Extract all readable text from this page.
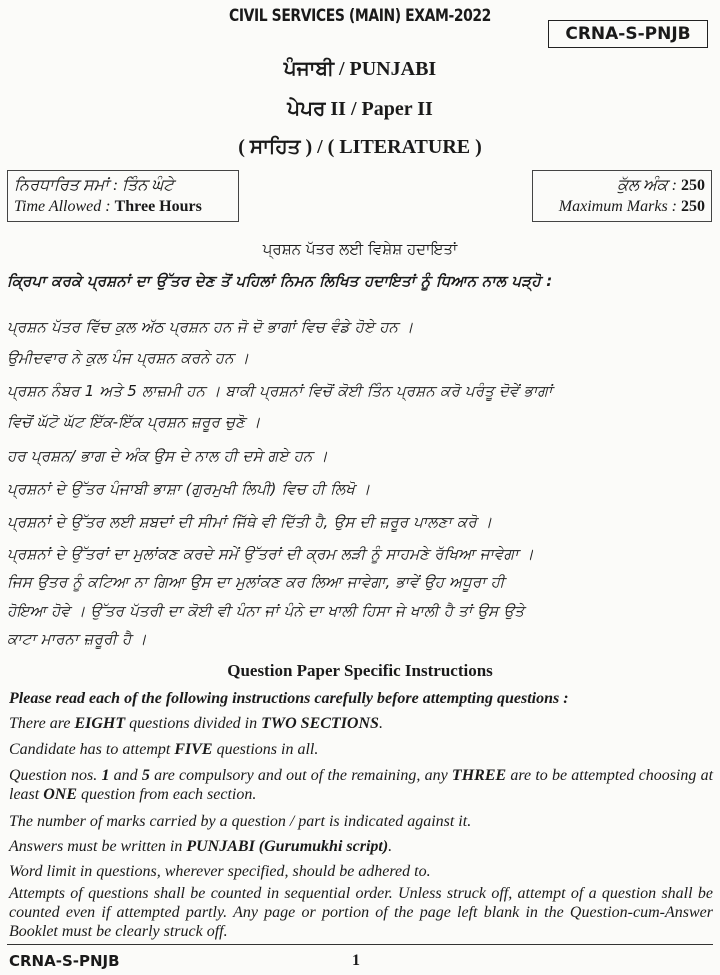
CIVIL SERVICES (MAIN) EXAM-2022
CRNA-S-PNJB
ਪੰਜਾਬੀ / PUNJABI
ਪੇਪਰ II / Paper II
( ਸਾਹਿਤ ) / ( LITERATURE )
ਨਿਰਧਾਰਿਤ ਸਮਾਂ : ਤਿੰਨ ਘੰਟੇ
Time Allowed : Three Hours
ਕੁੱਲ ਅੰਕ : 250
Maximum Marks : 250
ਪ੍ਰਸ਼ਨ ਪੱਤਰ ਲਈ ਵਿਸ਼ੇਸ਼ ਹਦਾਇਤਾਂ
ਕ੍ਰਿਪਾ ਕਰਕੇ ਪ੍ਰਸ਼ਨਾਂ ਦਾ ਉੱਤਰ ਦੇਣ ਤੋਂ ਪਹਿਲਾਂ ਨਿਮਨ ਲਿਖਿਤ ਹਦਾਇਤਾਂ ਨੂੰ ਧਿਆਨ ਨਾਲ ਪੜ੍ਹੋ :
ਪ੍ਰਸ਼ਨ ਪੱਤਰ ਵਿੱਚ ਕੁਲ ਅੱਠ ਪ੍ਰਸ਼ਨ ਹਨ ਜੋ ਦੋ ਭਾਗਾਂ ਵਿਚ ਵੰਡੇ ਹੋਏ ਹਨ ।
ਉਮੀਦਵਾਰ ਨੇ ਕੁਲ ਪੰਜ ਪ੍ਰਸ਼ਨ ਕਰਨੇ ਹਨ ।
ਪ੍ਰਸ਼ਨ ਨੰਬਰ 1 ਅਤੇ 5 ਲਾਜ਼ਮੀ ਹਨ । ਬਾਕੀ ਪ੍ਰਸ਼ਨਾਂ ਵਿਚੋਂ ਕੋਈ ਤਿੰਨ ਪ੍ਰਸ਼ਨ ਕਰੋ ਪਰੰਤੂ ਦੋਵੇਂ ਭਾਗਾਂ
ਵਿਚੋਂ ਘੱਟੋ ਘੱਟ ਇੱਕ-ਇੱਕ ਪ੍ਰਸ਼ਨ ਜ਼ਰੂਰ ਚੁਣੋ ।
ਹਰ ਪ੍ਰਸ਼ਨ/ ਭਾਗ ਦੇ ਅੰਕ ਉਸ ਦੇ ਨਾਲ ਹੀ ਦਸੇ ਗਏ ਹਨ ।
ਪ੍ਰਸ਼ਨਾਂ ਦੇ ਉੱਤਰ ਪੰਜਾਬੀ ਭਾਸ਼ਾ (ਗੁਰਮੁਖੀ ਲਿਪੀ) ਵਿਚ ਹੀ ਲਿਖੋ ।
ਪ੍ਰਸ਼ਨਾਂ ਦੇ ਉੱਤਰ ਲਈ ਸ਼ਬਦਾਂ ਦੀ ਸੀਮਾਂ ਜਿੱਥੇ ਵੀ ਦਿੱਤੀ ਹੈ, ਉਸ ਦੀ ਜ਼ਰੂਰ ਪਾਲਣਾ ਕਰੋ ।
ਪ੍ਰਸ਼ਨਾਂ ਦੇ ਉੱਤਰਾਂ ਦਾ ਮੁਲਾਂਕਣ ਕਰਦੇ ਸਮੇਂ ਉੱਤਰਾਂ ਦੀ ਕ੍ਰਮ ਲੜੀ ਨੂੰ ਸਾਹਮਣੇ ਰੱਖਿਆ ਜਾਵੇਗਾ ।
ਜਿਸ ਉਤਰ ਨੂੰ ਕਟਿਆ ਨਾ ਗਿਆ ਉਸ ਦਾ ਮੁਲਾਂਕਣ ਕਰ ਲਿਆ ਜਾਵੇਗਾ, ਭਾਵੇਂ ਉਹ ਅਧੂਰਾ ਹੀ
ਹੋਇਆ ਹੋਵੇ । ਉੱਤਰ ਪੱਤਰੀ ਦਾ ਕੋਈ ਵੀ ਪੰਨਾ ਜਾਂ ਪੰਨੇ ਦਾ ਖਾਲੀ ਹਿਸਾ ਜੇ ਖਾਲੀ ਹੈ ਤਾਂ ਉਸ ਉਤੇ
ਕਾਟਾ ਮਾਰਨਾ ਜ਼ਰੂਰੀ ਹੈ ।
Question Paper Specific Instructions
Please read each of the following instructions carefully before attempting questions :
There are EIGHT questions divided in TWO SECTIONS.
Candidate has to attempt FIVE questions in all.
Question nos. 1 and 5 are compulsory and out of the remaining, any THREE are to be attempted choosing at least ONE question from each section.
The number of marks carried by a question / part is indicated against it.
Answers must be written in PUNJABI (Gurumukhi script).
Word limit in questions, wherever specified, should be adhered to.
Attempts of questions shall be counted in sequential order. Unless struck off, attempt of a question shall be counted even if attempted partly. Any page or portion of the page left blank in the Question-cum-Answer Booklet must be clearly struck off.
CRNA-S-PNJB	1
